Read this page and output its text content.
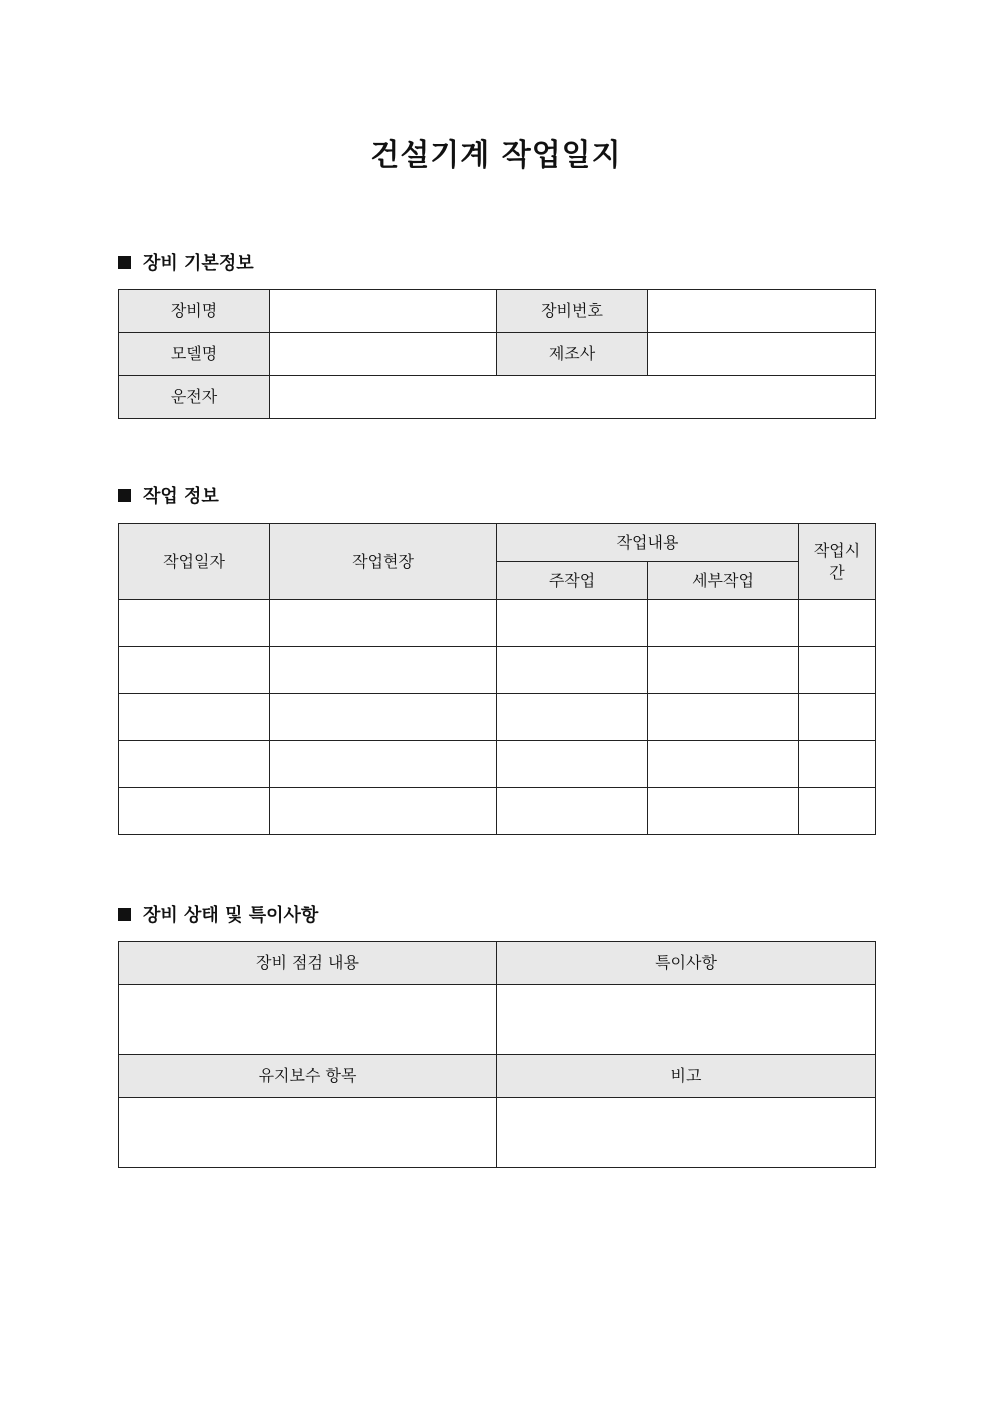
건설기계 작업일지
장비 기본정보
장비명		장비번호	
모델명		제조사	
운전자			
작업 정보
작업일자	작업현장	작업내용		작업시
간

		주작업	세부작업	

장비 상태 및 특이사항
장비 점검 내용	특이사항

유지보수 항목	비고
